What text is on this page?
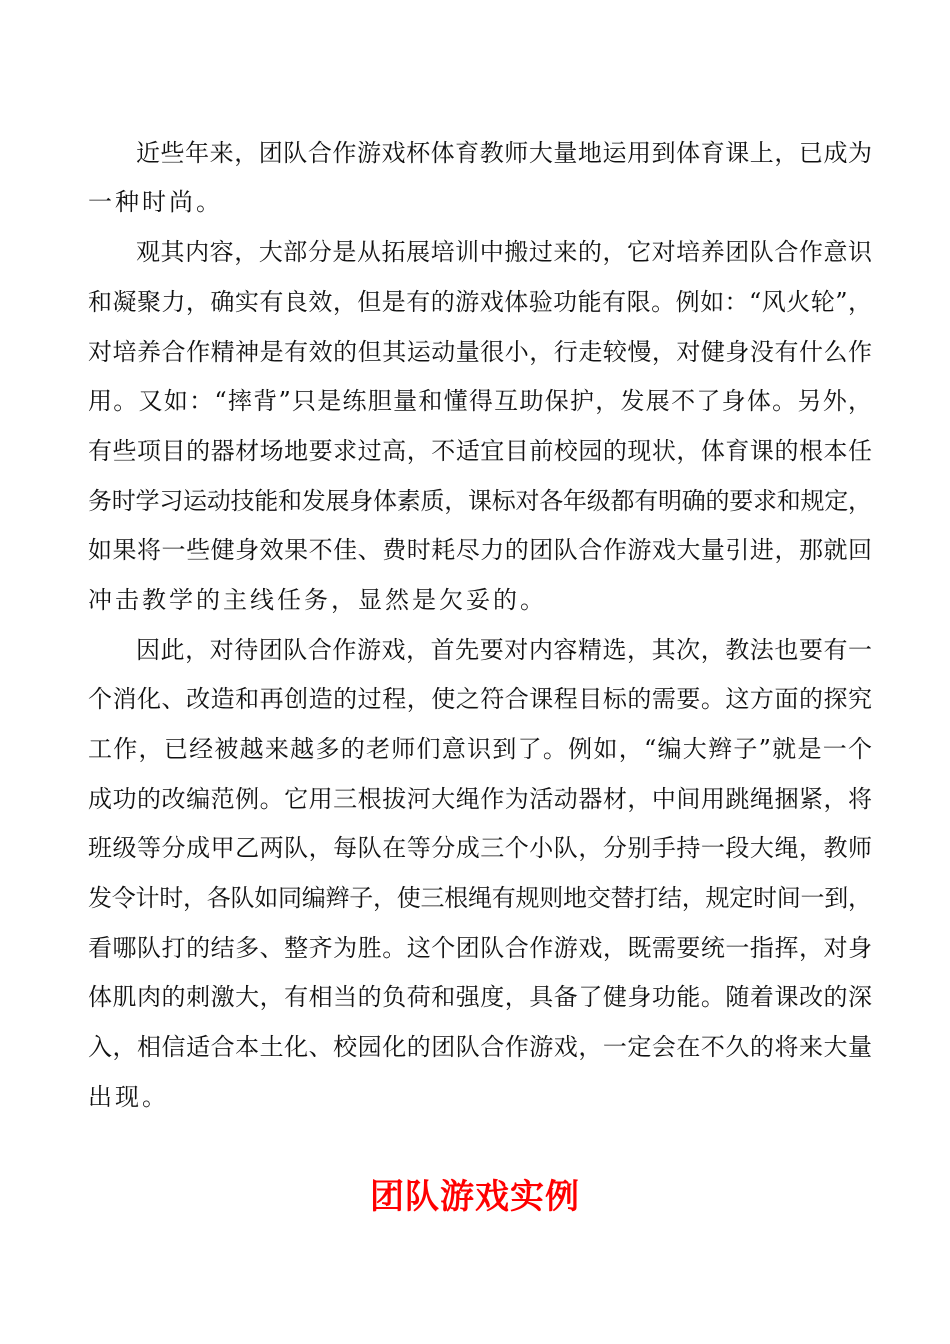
近些年来，团队合作游戏杯体育教师大量地运用到体育课上，已成为
一种时尚。
观其内容，大部分是从拓展培训中搬过来的，它对培养团队合作意识
和凝聚力，确实有良效，但是有的游戏体验功能有限。例如：“风火轮”，
对培养合作精神是有效的但其运动量很小，行走较慢，对健身没有什么作
用。又如：“摔背”只是练胆量和懂得互助保护，发展不了身体。另外，
有些项目的器材场地要求过高，不适宜目前校园的现状，体育课的根本任
务时学习运动技能和发展身体素质，课标对各年级都有明确的要求和规定，
如果将一些健身效果不佳、费时耗尽力的团队合作游戏大量引进，那就回
冲击教学的主线任务，显然是欠妥的。
因此，对待团队合作游戏，首先要对内容精选，其次，教法也要有一
个消化、改造和再创造的过程，使之符合课程目标的需要。这方面的探究
工作，已经被越来越多的老师们意识到了。例如，“编大辫子”就是一个
成功的改编范例。它用三根拔河大绳作为活动器材，中间用跳绳捆紧，将
班级等分成甲乙两队，每队在等分成三个小队，分别手持一段大绳，教师
发令计时，各队如同编辫子，使三根绳有规则地交替打结，规定时间一到，
看哪队打的结多、整齐为胜。这个团队合作游戏，既需要统一指挥，对身
体肌肉的刺激大，有相当的负荷和强度，具备了健身功能。随着课改的深
入，相信适合本土化、校园化的团队合作游戏，一定会在不久的将来大量
出现。
团队游戏实例
